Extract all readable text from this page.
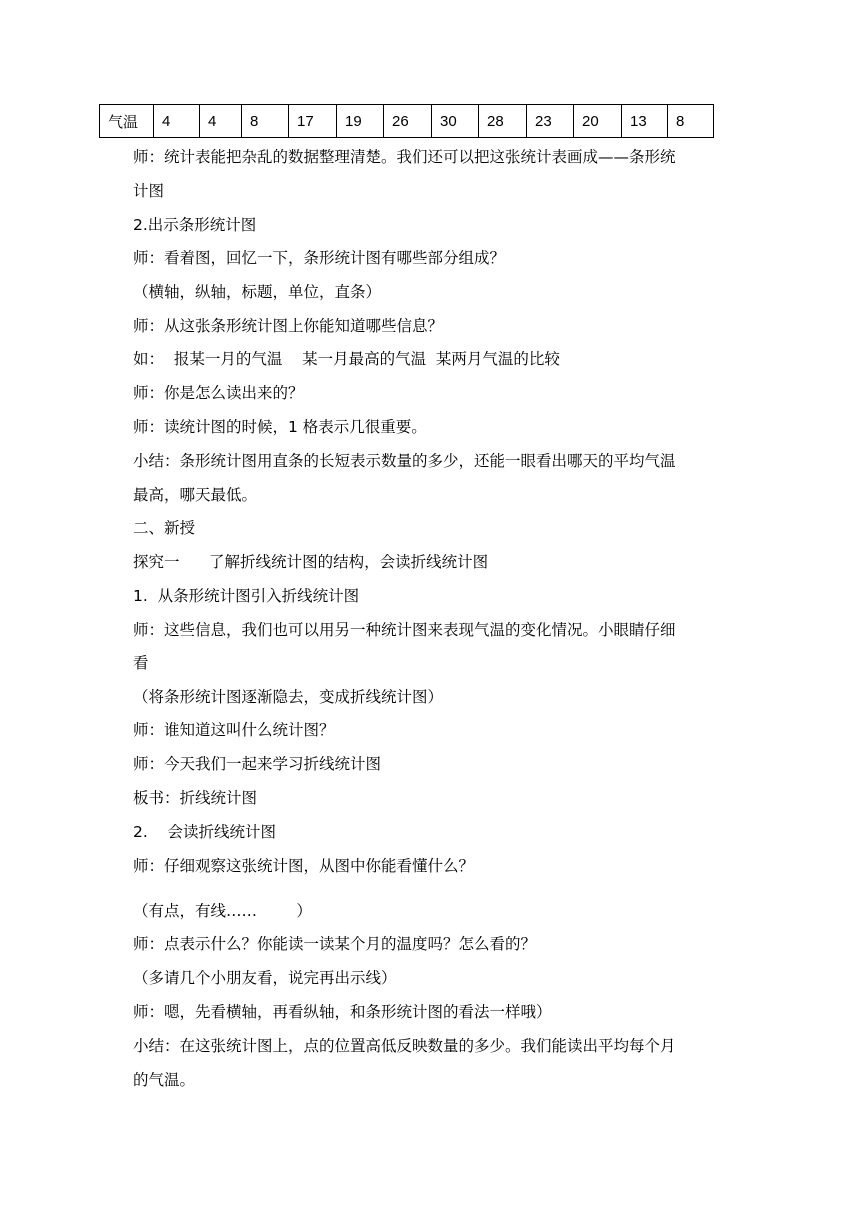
气温	4	4	8	17	19	26	30	28	23	20	13	8
师：统计表能把杂乱的数据整理清楚。我们还可以把这张统计表画成——条形统
计图
2.出示条形统计图
师：看着图，回忆一下，条形统计图有哪些部分组成？
（横轴，纵轴，标题，单位，直条）
师：从这张条形统计图上你能知道哪些信息？
如：  报某一月的气温    某一月最高的气温  某两月气温的比较
师：你是怎么读出来的？
师：读统计图的时候，1 格表示几很重要。
小结：条形统计图用直条的长短表示数量的多少，还能一眼看出哪天的平均气温
最高，哪天最低。
二、新授
探究一      了解折线统计图的结构，会读折线统计图
1.  从条形统计图引入折线统计图
师：这些信息，我们也可以用另一种统计图来表现气温的变化情况。小眼睛仔细
看
（将条形统计图逐渐隐去，变成折线统计图）
师：谁知道这叫什么统计图？
师：今天我们一起来学习折线统计图
板书：折线统计图
2.    会读折线统计图
师：仔细观察这张统计图，从图中你能看懂什么？
（有点，有线……        ）
师：点表示什么？你能读一读某个月的温度吗？怎么看的？
（多请几个小朋友看，说完再出示线）
师：嗯，先看横轴，再看纵轴，和条形统计图的看法一样哦）
小结：在这张统计图上，点的位置高低反映数量的多少。我们能读出平均每个月
的气温。
